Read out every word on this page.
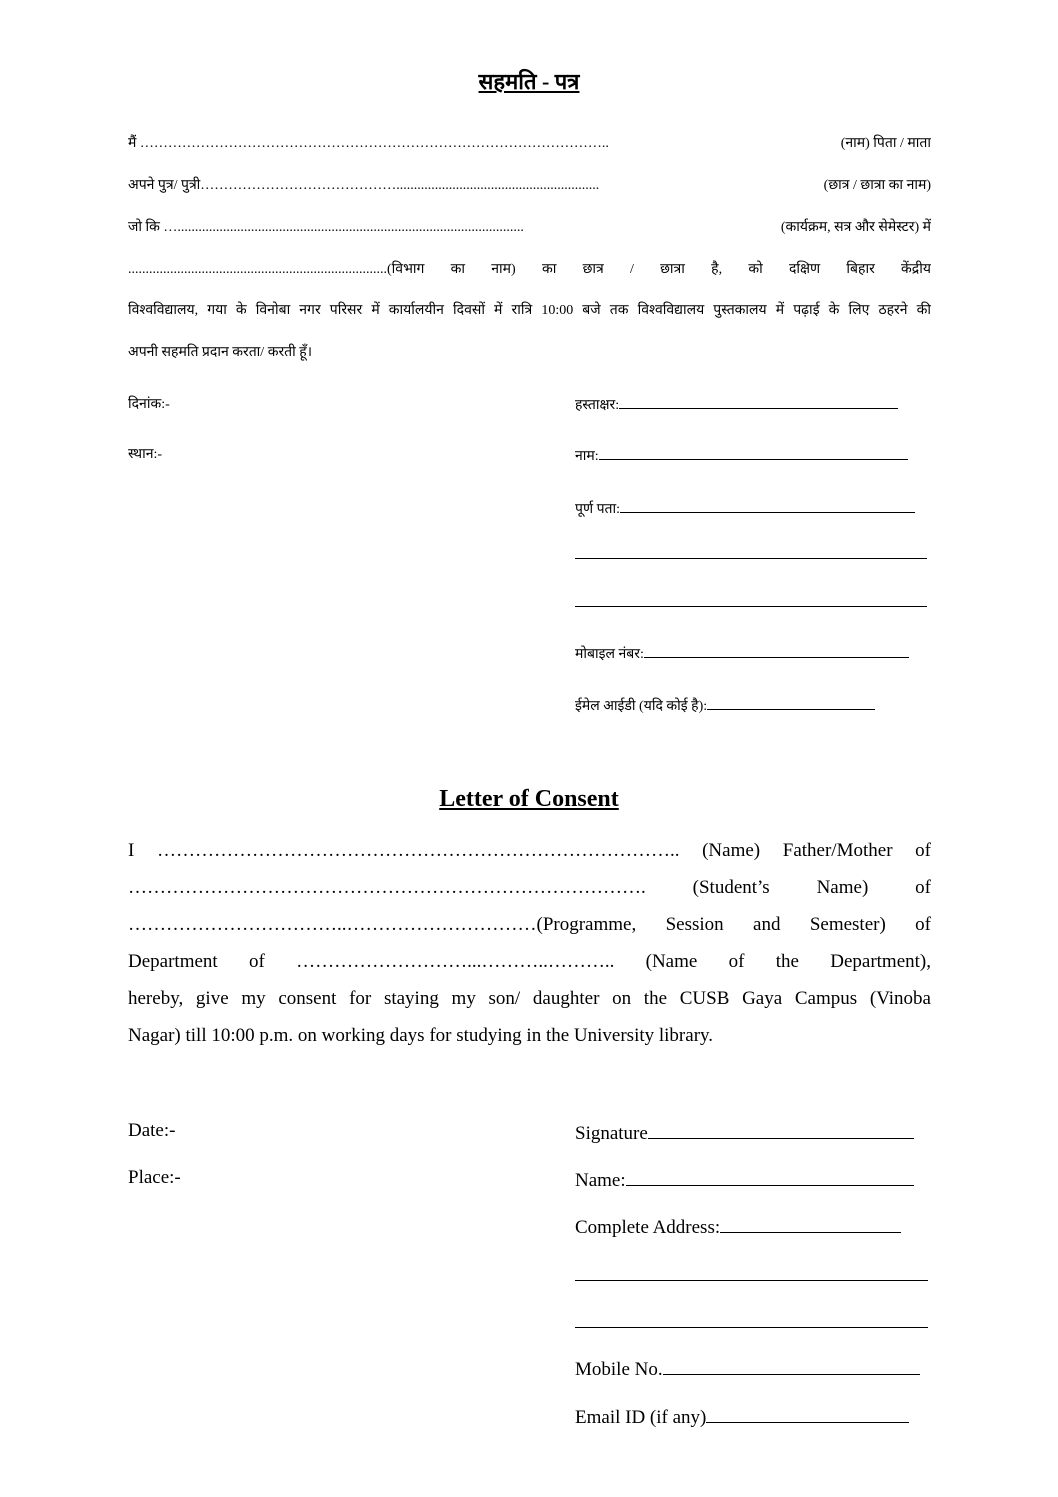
सहमति - पत्र
मैं ………………………………………………………………………………………..	(नाम) पिता / माता
अपने पुत्र/ पुत्री……………………………………..........................................................	(छात्र / छात्रा का नाम)
जो कि …...................................................................................................	(कार्यक्रम, सत्र और सेमेस्टर) में
..........................................................................(विभाग का नाम) का छात्र / छात्रा है, को दक्षिण बिहार केंद्रीय
विश्वविद्यालय, गया के विनोबा नगर परिसर में कार्यालयीन दिवसों में रात्रि 10:00 बजे तक विश्वविद्यालय पुस्तकालय में पढ़ाई के लिए ठहरने की
अपनी सहमति प्रदान करता/ करती हूँ।
दिनांक:-
स्थान:-
हस्ताक्षर:
नाम:
पूर्ण पता:
मोबाइल नंबर:
ईमेल आईडी (यदि कोई है):
Letter of Consent
I ……………………………………………………………………….. (Name) Father/Mother of
………………………………………………………………………. (Student’s Name) of
……………………………..…………………………(Programme, Session and Semester) of
Department of ………………………...………..……….. (Name of the Department),
hereby, give my consent for staying my son/ daughter on the CUSB Gaya Campus (Vinoba
Nagar) till 10:00 p.m. on working days for studying in the University library.
Date:-
Place:-
Signature
Name:
Complete Address:
Mobile No.
Email ID (if any)
